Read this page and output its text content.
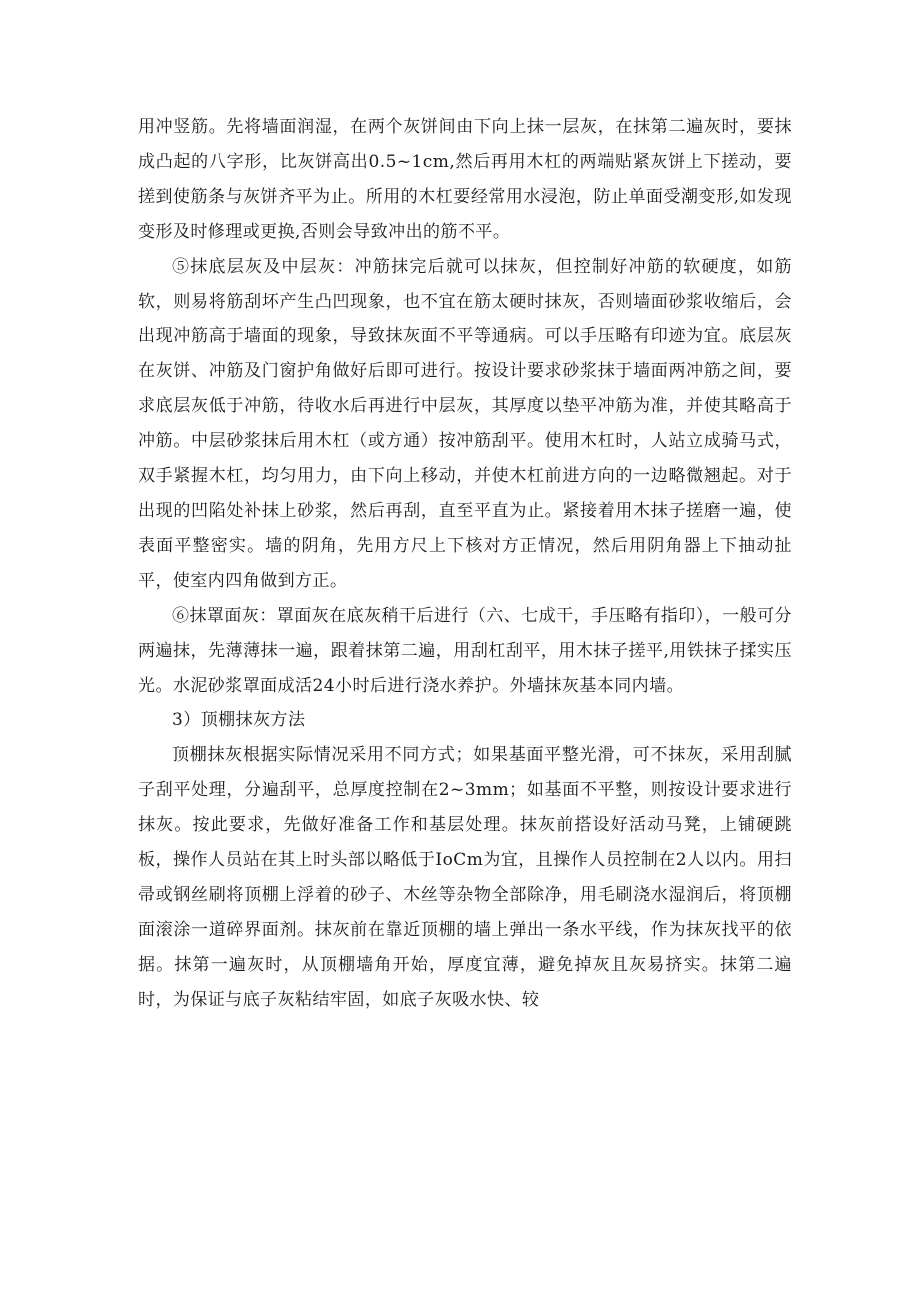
用冲竖筋。先将墙面润湿，在两个灰饼间由下向上抹一层灰，在抹第二遍灰时，要抹成凸起的八字形，比灰饼高出0.5~1cm,然后再用木杠的两端贴紧灰饼上下搓动，要搓到使筋条与灰饼齐平为止。所用的木杠要经常用水浸泡，防止单面受潮变形,如发现变形及时修理或更换,否则会导致冲出的筋不平。

⑤抹底层灰及中层灰：冲筋抹完后就可以抹灰，但控制好冲筋的软硬度，如筋软，则易将筋刮坏产生凸凹现象，也不宜在筋太硬时抹灰，否则墙面砂浆收缩后，会出现冲筋高于墙面的现象，导致抹灰面不平等通病。可以手压略有印迹为宜。底层灰在灰饼、冲筋及门窗护角做好后即可进行。按设计要求砂浆抹于墙面两冲筋之间，要求底层灰低于冲筋，待收水后再进行中层灰，其厚度以垫平冲筋为准，并使其略高于冲筋。中层砂浆抹后用木杠（或方通）按冲筋刮平。使用木杠时，人站立成骑马式，双手紧握木杠，均匀用力，由下向上移动，并使木杠前进方向的一边略微翘起。对于出现的凹陷处补抹上砂浆，然后再刮，直至平直为止。紧接着用木抹子搓磨一遍，使表面平整密实。墙的阴角，先用方尺上下核对方正情况，然后用阴角器上下抽动扯平，使室内四角做到方正。

⑥抹罩面灰：罩面灰在底灰稍干后进行（六、七成干，手压略有指印），一般可分两遍抹，先薄薄抹一遍，跟着抹第二遍，用刮杠刮平，用木抹子搓平,用铁抹子揉实压光。水泥砂浆罩面成活24小时后进行浇水养护。外墙抹灰基本同内墙。

3）顶棚抹灰方法

顶棚抹灰根据实际情况采用不同方式；如果基面平整光滑，可不抹灰，采用刮腻子刮平处理，分遍刮平，总厚度控制在2~3mm；如基面不平整，则按设计要求进行抹灰。按此要求，先做好准备工作和基层处理。抹灰前搭设好活动马凳，上铺硬跳板，操作人员站在其上时头部以略低于IoCm为宜，且操作人员控制在2人以内。用扫帚或钢丝刷将顶棚上浮着的砂子、木丝等杂物全部除净，用毛刷浇水湿润后，将顶棚面滚涂一道碎界面剂。抹灰前在靠近顶棚的墙上弹出一条水平线，作为抹灰找平的依据。抹第一遍灰时，从顶棚墙角开始，厚度宜薄，避免掉灰且灰易挤实。抹第二遍时，为保证与底子灰粘结牢固，如底子灰吸水快、较
